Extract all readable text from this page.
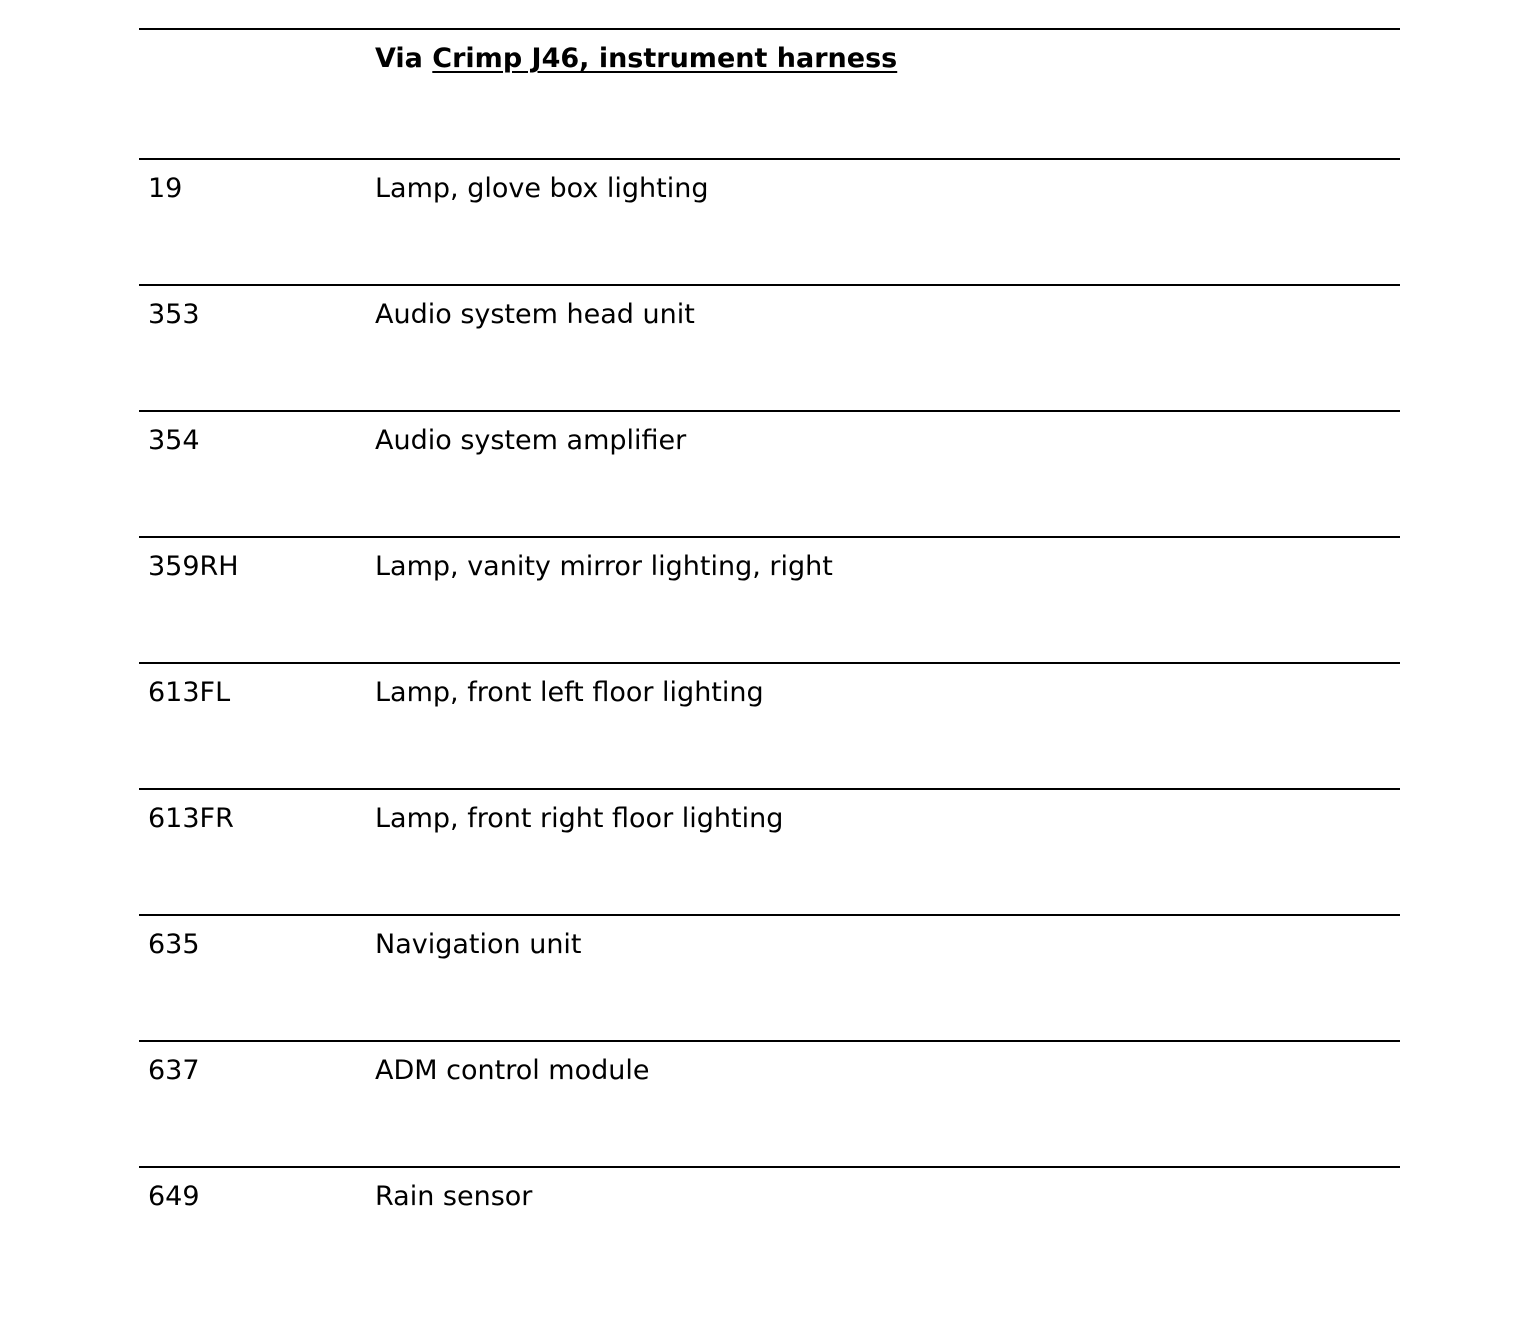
Via Crimp J46, instrument harness
19	Lamp, glove box lighting
353	Audio system head unit
354	Audio system amplifier
359RH	Lamp, vanity mirror lighting, right
613FL	Lamp, front left floor lighting
613FR	Lamp, front right floor lighting
635	Navigation unit
637	ADM control module
649	Rain sensor
